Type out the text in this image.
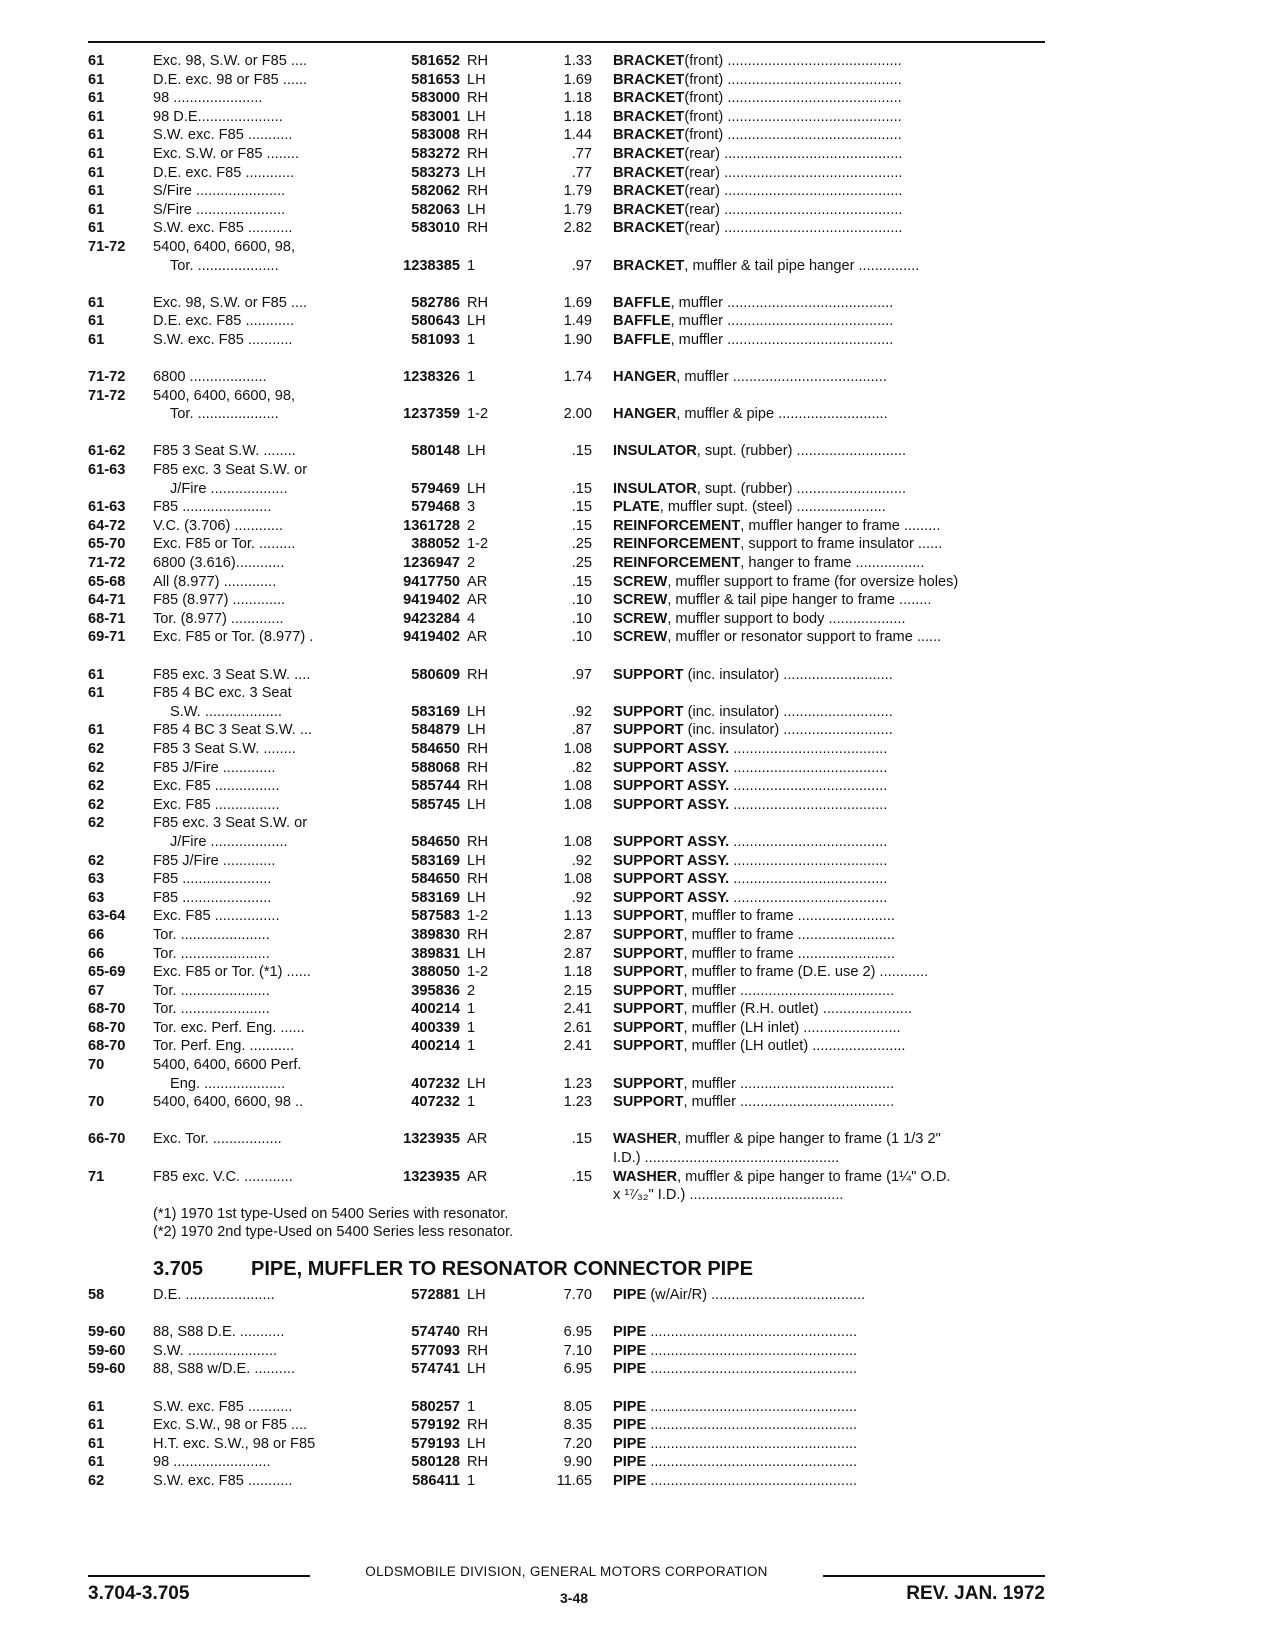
61	Exc. 98, S.W. or F85 ....	581652 RH	1.33 BRACKET(front) ...........................................
61	D.E. exc. 98 or F85 ......	581653 LH	1.69 BRACKET(front) ...........................................
61	98 ......................	583000 RH	1.18 BRACKET(front) ...........................................
61	98 D.E.....................	583001 LH	1.18 BRACKET(front) ...........................................
61	S.W. exc. F85 ...........	583008 RH	1.44 BRACKET(front) ...........................................
61	Exc. S.W. or F85 ........	583272 RH	.77 BRACKET(rear) ............................................
61	D.E. exc. F85 ............	583273 LH	.77 BRACKET(rear) ............................................
61	S/Fire ......................	582062 RH	1.79 BRACKET(rear) ............................................
61	S/Fire ......................	582063 LH	1.79 BRACKET(rear) ............................................
61	S.W. exc. F85 ...........	583010 RH	2.82 BRACKET(rear) ............................................
71-72 5400, 6400, 6600, 98,
Tor. ....................	1238385 1	.97 BRACKET, muffler & tail pipe hanger ...............
61	Exc. 98, S.W. or F85 ....	582786 RH	1.69 BAFFLE, muffler .........................................
61	D.E. exc. F85 ............	580643 LH	1.49 BAFFLE, muffler .........................................
61	S.W. exc. F85 ...........	581093 1	1.90 BAFFLE, muffler .........................................
71-72 6800 ...................	1238326 1	1.74 HANGER, muffler ......................................
71-72 5400, 6400, 6600, 98,
Tor. ....................	1237359 1-2	2.00 HANGER, muffler & pipe ...........................
61-62 F85 3 Seat S.W. ........	580148 LH	.15 INSULATOR, supt. (rubber) ...........................
61-63 F85 exc. 3 Seat S.W. or
J/Fire ...................	579469 LH	.15 INSULATOR, supt. (rubber) ...........................
61-63 F85 ......................	579468 3	.15 PLATE, muffler supt. (steel) ......................
64-72 V.C. (3.706) ............	1361728 2	.15 REINFORCEMENT, muffler hanger to frame .........
65-70 Exc. F85 or Tor. .........	388052 1-2	.25 REINFORCEMENT, support to frame insulator ......
71-72 6800 (3.616)............	1236947 2	.25 REINFORCEMENT, hanger to frame .................
65-68 All (8.977) .............	9417750 AR	.15 SCREW, muffler support to frame (for oversize holes)
64-71 F85 (8.977) .............	9419402 AR	.10 SCREW, muffler & tail pipe hanger to frame ........
68-71 Tor. (8.977) .............	9423284 4	.10 SCREW, muffler support to body ...................
69-71 Exc. F85 or Tor. (8.977) .	9419402 AR	.10 SCREW, muffler or resonator support to frame ......
61	F85 exc. 3 Seat S.W. ....	580609 RH	.97 SUPPORT (inc. insulator) ...........................
61	F85 4 BC exc. 3 Seat
S.W. ...................	583169 LH	.92 SUPPORT (inc. insulator) ...........................
61	F85 4 BC 3 Seat S.W. ...	584879 LH	.87 SUPPORT (inc. insulator) ...........................
62	F85 3 Seat S.W. ........	584650 RH	1.08 SUPPORT ASSY. ......................................
62	F85 J/Fire .............	588068 RH	.82 SUPPORT ASSY. ......................................
62	Exc. F85 ................	585744 RH	1.08 SUPPORT ASSY. ......................................
62	Exc. F85 ................	585745 LH	1.08 SUPPORT ASSY. ......................................
62	F85 exc. 3 Seat S.W. or
J/Fire ...................	584650 RH	1.08 SUPPORT ASSY. ......................................
62	F85 J/Fire .............	583169 LH	.92 SUPPORT ASSY. ......................................
63	F85 ......................	584650 RH	1.08 SUPPORT ASSY. ......................................
63	F85 ......................	583169 LH	.92 SUPPORT ASSY. ......................................
63-64 Exc. F85 ................	587583 1-2	1.13 SUPPORT, muffler to frame ........................
66	Tor. ......................	389830 RH	2.87 SUPPORT, muffler to frame ........................
66	Tor. ......................	389831 LH	2.87 SUPPORT, muffler to frame ........................
65-69 Exc. F85 or Tor. (*1) ......	388050 1-2	1.18 SUPPORT, muffler to frame (D.E. use 2) ............
67	Tor. ......................	395836 2	2.15 SUPPORT, muffler ......................................
68-70 Tor. ......................	400214 1	2.41 SUPPORT, muffler (R.H. outlet) ......................
68-70 Tor. exc. Perf. Eng. ......	400339 1	2.61 SUPPORT, muffler (LH inlet) ........................
68-70 Tor. Perf. Eng. ...........	400214 1	2.41 SUPPORT, muffler (LH outlet) .......................
70	5400, 6400, 6600 Perf.
Eng. ....................	407232 LH	1.23 SUPPORT, muffler ......................................
70	5400, 6400, 6600, 98 ..	407232 1	1.23 SUPPORT, muffler ......................................
66-70 Exc. Tor. .................	1323935 AR	.15 WASHER, muffler & pipe hanger to frame (1 1/3 2"
I.D.) ................................................
71	F85 exc. V.C. ............	1323935 AR	.15 WASHER, muffler & pipe hanger to frame (1¼" O.D.
x ¹⁷⁄₃₂" I.D.) ......................................
(*1) 1970 1st type-Used on 5400 Series with resonator.
(*2) 1970 2nd type-Used on 5400 Series less resonator.
3.705 PIPE, MUFFLER TO RESONATOR CONNECTOR PIPE
58	D.E. ......................	572881 LH	7.70 PIPE (w/Air/R) ......................................
59-60 88, S88 D.E. ...........	574740 RH	6.95 PIPE ...................................................
59-60 S.W. ......................	577093 RH	7.10 PIPE ...................................................
59-60 88, S88 w/D.E. ..........	574741 LH	6.95 PIPE ...................................................
61	S.W. exc. F85 ...........	580257 1	8.05 PIPE ...................................................
61	Exc. S.W., 98 or F85 ....	579192 RH	8.35 PIPE ...................................................
61	H.T. exc. S.W., 98 or F85	579193 LH	7.20 PIPE ...................................................
61	98 ........................	580128 RH	9.90 PIPE ...................................................
62	S.W. exc. F85 ...........	586411 1	11.65 PIPE ...................................................
OLDSMOBILE DIVISION, GENERAL MOTORS CORPORATION
3.704-3.705	3-48	REV. JAN. 1972
